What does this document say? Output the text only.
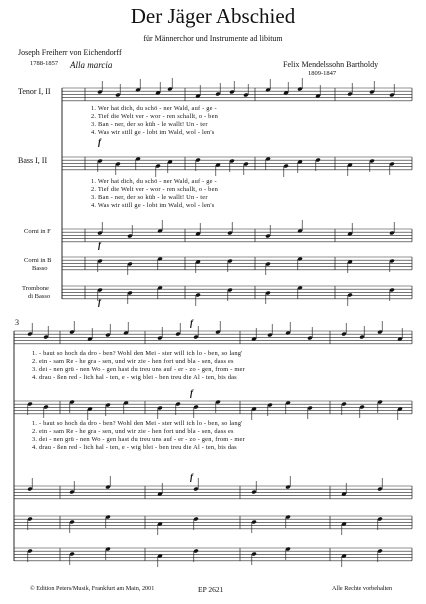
Der Jäger Abschied
für Männerchor und Instrumente ad libitum
Joseph Freiherr von Eichendorff
1788-1857	Felix Mendelssohn Bartholdy
1809-1847
Alla marcia
Tenor I, II
Bass I, II
Corni in F
Corni in B
Basso
Trombone
di Basso
3
1. Wer hat dich, du schö - ner Wald, auf - ge -
2. Tief die Welt ver - wor - ren schallt, o - ben
3. Ban - ner, der so küh - le wallt! Un - ter
4. Was wir still ge - lobt im Wald, wol - len's
1. Wer hat dich, du schö - ner Wald, auf - ge -
2. Tief die Welt ver - wor - ren schallt, o - ben
3. Ban - ner, der so küh - le wallt! Un - ter
4. Was wir still ge - lobt im Wald, wol - len's
1. - baut so hoch da dro - ben? Wohl den Mei - ster will ich lo - ben, so lang'
2. ein - sam Re - he gra - sen, und wir zie - hen fort und bla - sen, dass es
3. dei - nen grü - nen Wo - gen hast du treu uns auf - er - zo - gen, from - mer
4. drau - ßen red - lich hal - ten, e - wig blei - ben treu die Al - ten, bis das
1. - baut so hoch da dro - ben? Wohl den Mei - ster will ich lo - ben, so lang'
2. ein - sam Re - he gra - sen, und wir zie - hen fort und bla - sen, dass es
3. dei - nen grü - nen Wo - gen hast du treu uns auf - er - zo - gen, from - mer
4. drau - ßen red - lich hal - ten, e - wig blei - ben treu die Al - ten, bis das
f
f
f
f
f
f
© Edition Peters/Musik, Frankfurt am Main, 2001	EP 2621	Alle Rechte vorbehalten
